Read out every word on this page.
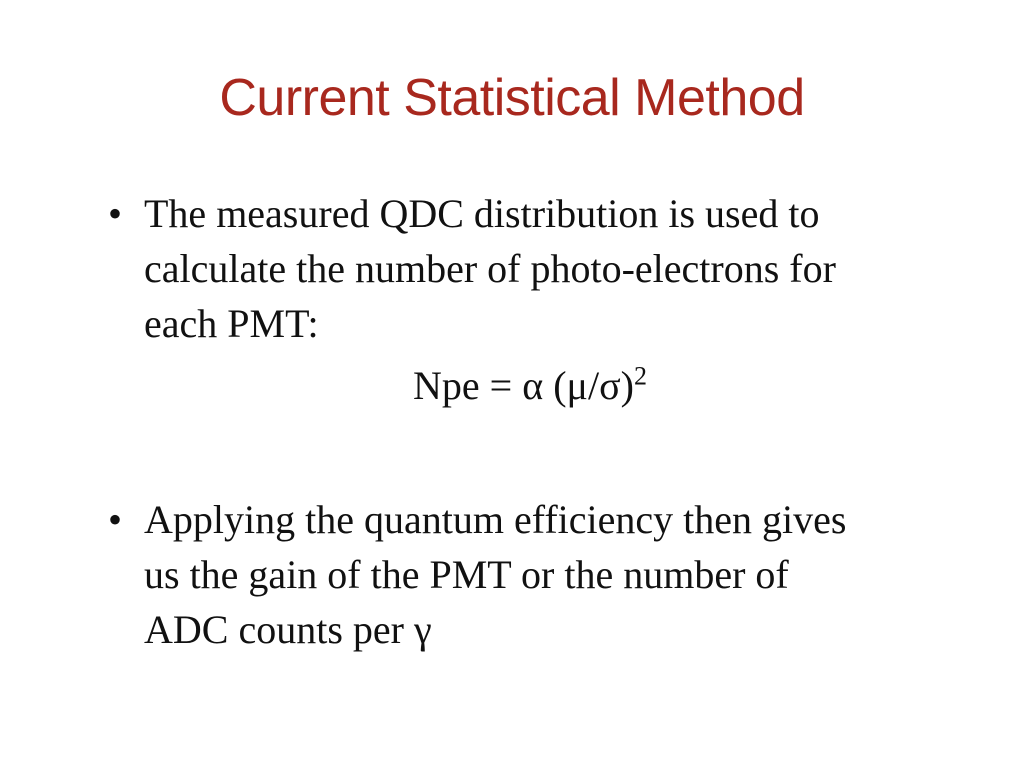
Current Statistical Method
• The measured QDC distribution is used to
calculate the number of photo-electrons for
each PMT:
Npe = α $(\mu/\sigma)^2$
• Applying the quantum efficiency then gives
us the gain of the PMT or the number of
ADC counts per γ
